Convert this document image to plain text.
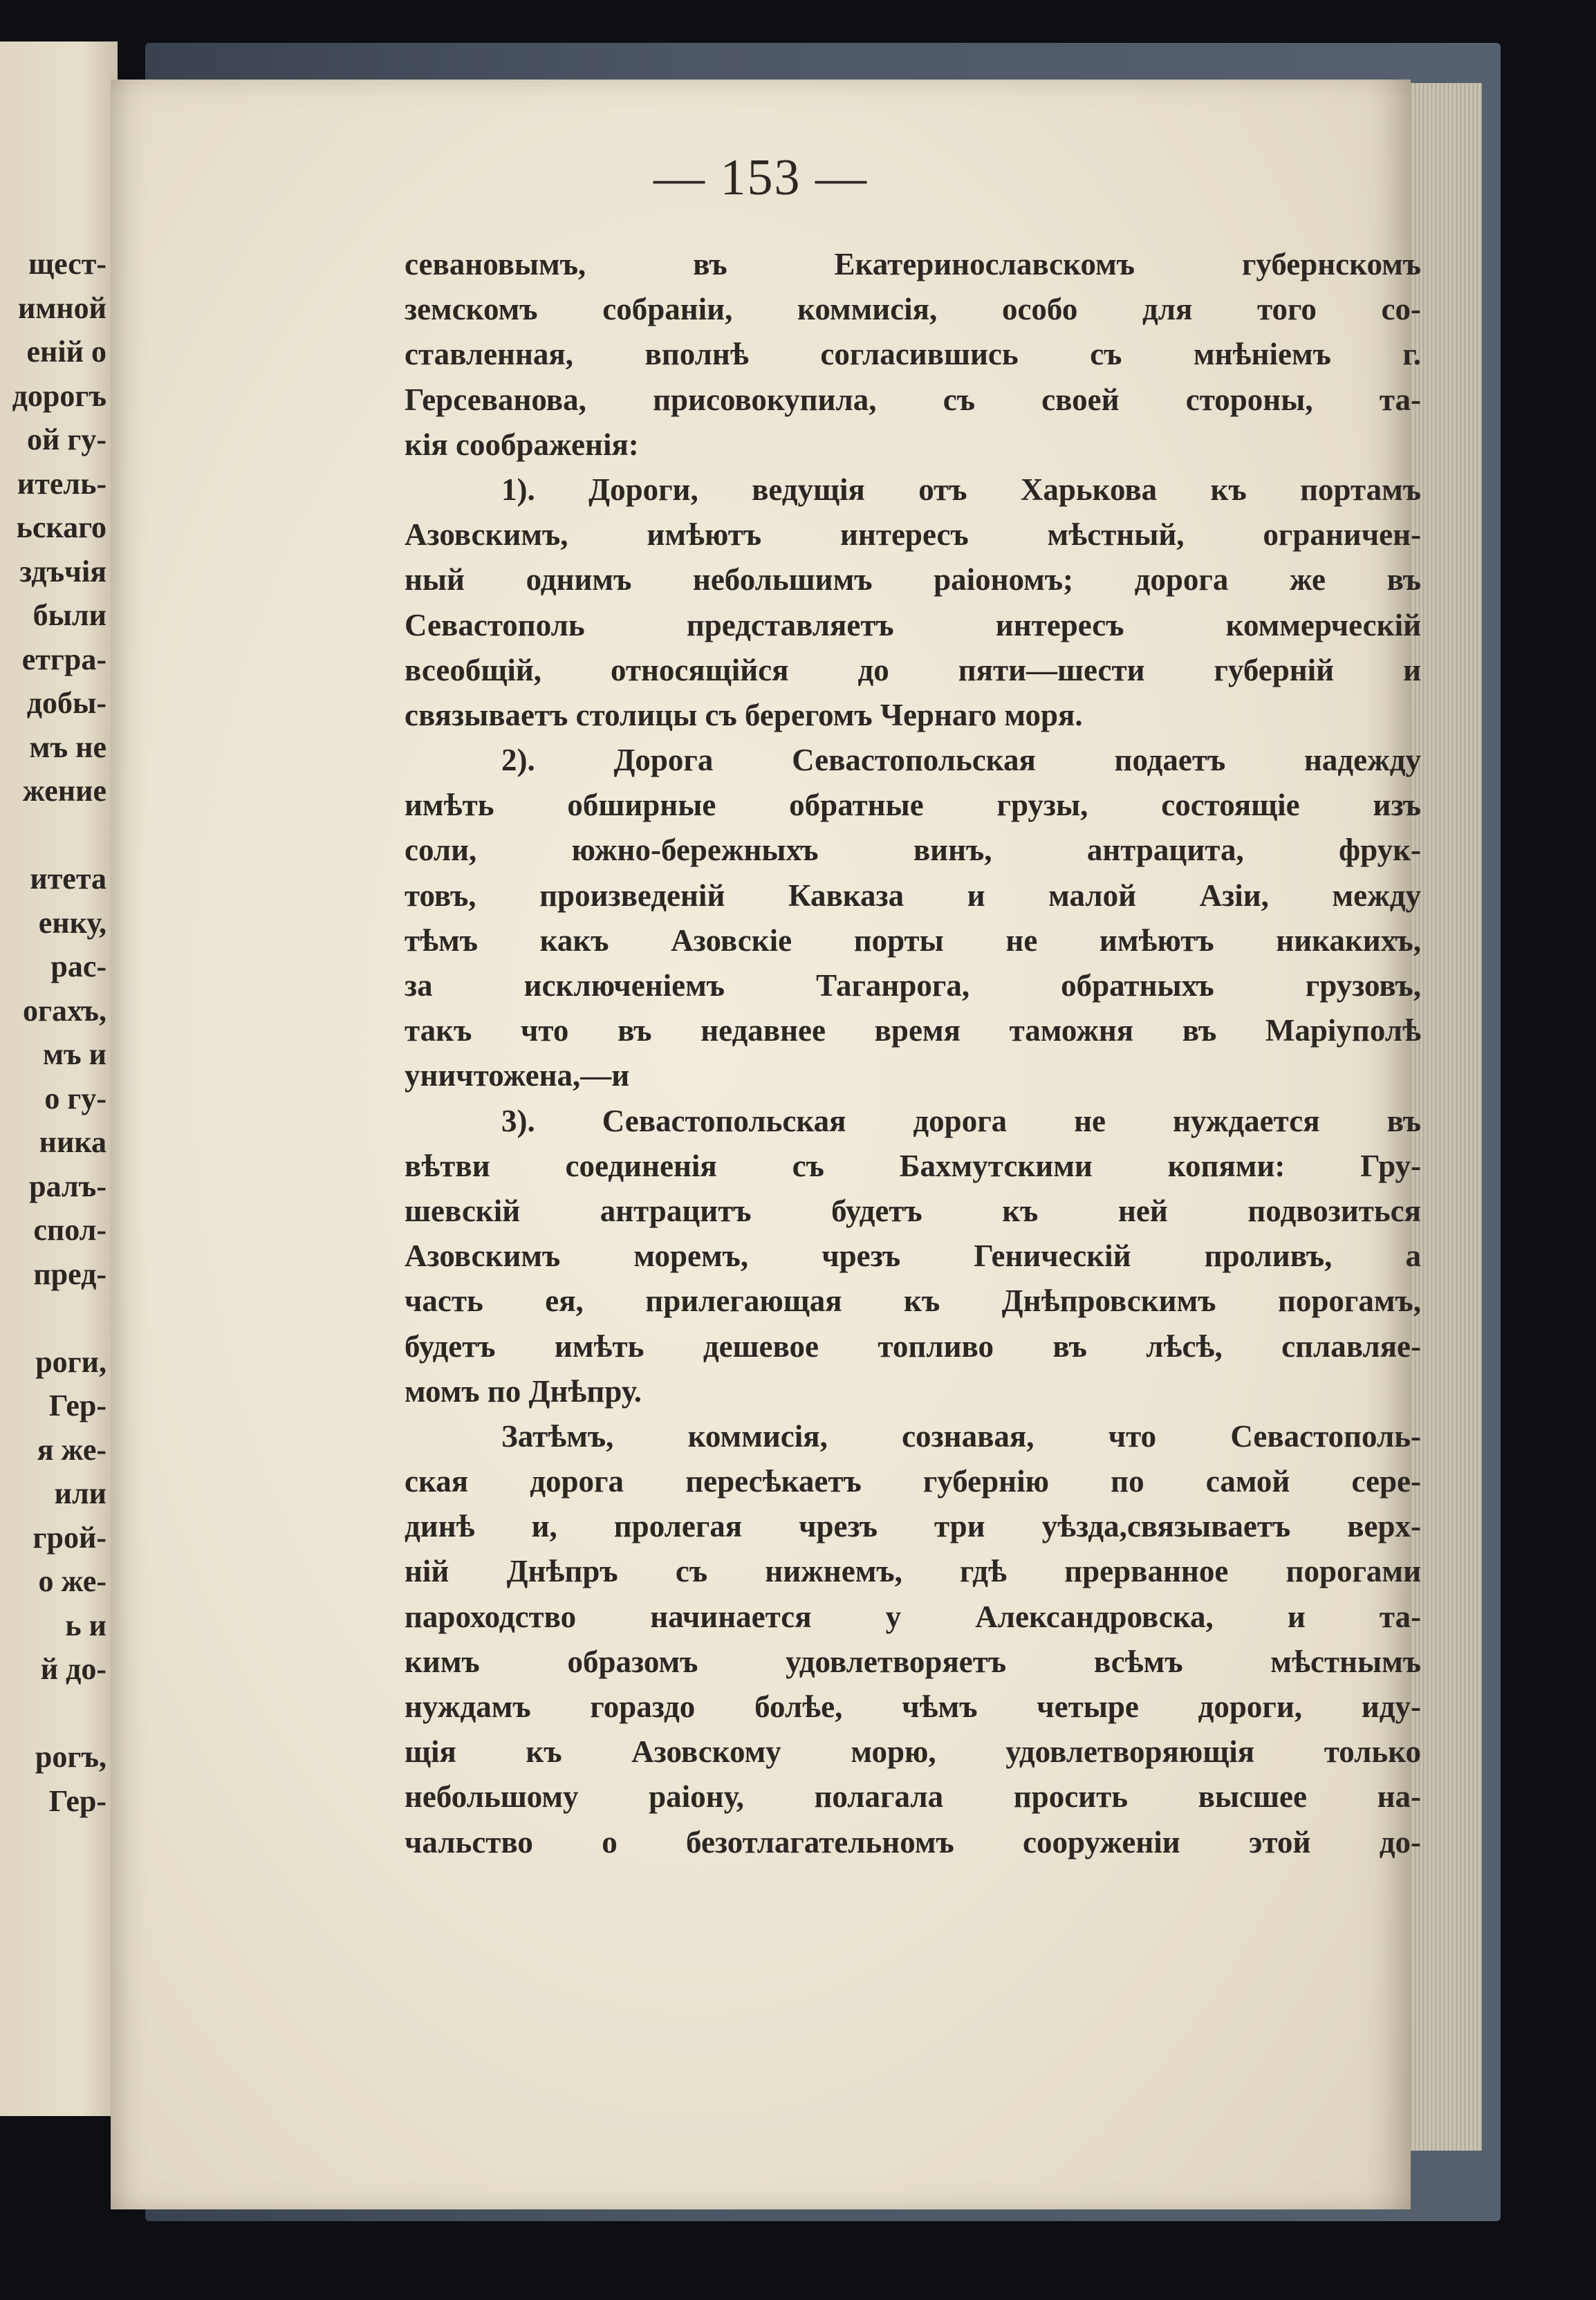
щест-
имной
енiй о
дорогъ
ой гу-
итель-
ьскаго
здъчiя
были
етгра-
добы-
мъ не
жение
итета
енку,
рас-
огахъ,
мъ и
о гу-
ника
ралъ-
спол-
пред-
роги,
Гер-
я же-
или
грой-
о же-
ь и
й до-
рогъ,
Гер-
— 153 —
севановымъ, въ Екатеринославскомъ губернскомъ
земскомъ собранiи, коммисiя, особо для того со-
ставленная, вполнѣ согласившись съ мнѣнiемъ г.
Герсеванова, присовокупила, съ своей стороны, та-
кiя соображенiя:
1). Дороги, ведущiя отъ Харькова къ портамъ
Азовскимъ, имѣютъ интересъ мѣстный, ограничен-
ный однимъ небольшимъ раiономъ; дорога же въ
Севастополь представляетъ интересъ коммерческiй
всеобщiй, относящiйся до пяти—шести губернiй и
связываетъ столицы съ берегомъ Чернаго моря.
2). Дорога Севастопольская подаетъ надежду
имѣть обширные обратные грузы, состоящiе изъ
соли, южно-бережныхъ винъ, антрацита, фрук-
товъ, произведенiй Кавказа и малой Азiи, между
тѣмъ какъ Азовскiе порты не имѣютъ никакихъ,
за исключенiемъ Таганрога, обратныхъ грузовъ,
такъ что въ недавнее время таможня въ Марiуполѣ
уничтожена,—и
3). Севастопольская дорога не нуждается въ
вѣтви соединенiя съ Бахмутскими копями: Гру-
шевскiй антрацитъ будетъ къ ней подвозиться
Азовскимъ моремъ, чрезъ Геническiй проливъ, а
часть ея, прилегающая къ Днѣпровскимъ порогамъ,
будетъ имѣть дешевое топливо въ лѣсѣ, сплавляе-
момъ по Днѣпру.
Затѣмъ, коммисiя, сознавая, что Севастополь-
ская дорога пересѣкаетъ губернiю по самой сере-
динѣ и, пролегая чрезъ три уѣзда,связываетъ верх-
нiй Днѣпръ съ нижнемъ, гдѣ прерванное порогами
пароходство начинается у Александровска, и та-
кимъ образомъ удовлетворяетъ всѣмъ мѣстнымъ
нуждамъ гораздо болѣе, чѣмъ четыре дороги, иду-
щiя къ Азовскому морю, удовлетворяющiя только
небольшому раiону, полагала просить высшее на-
чальство о безотлагательномъ сооруженiи этой до-
